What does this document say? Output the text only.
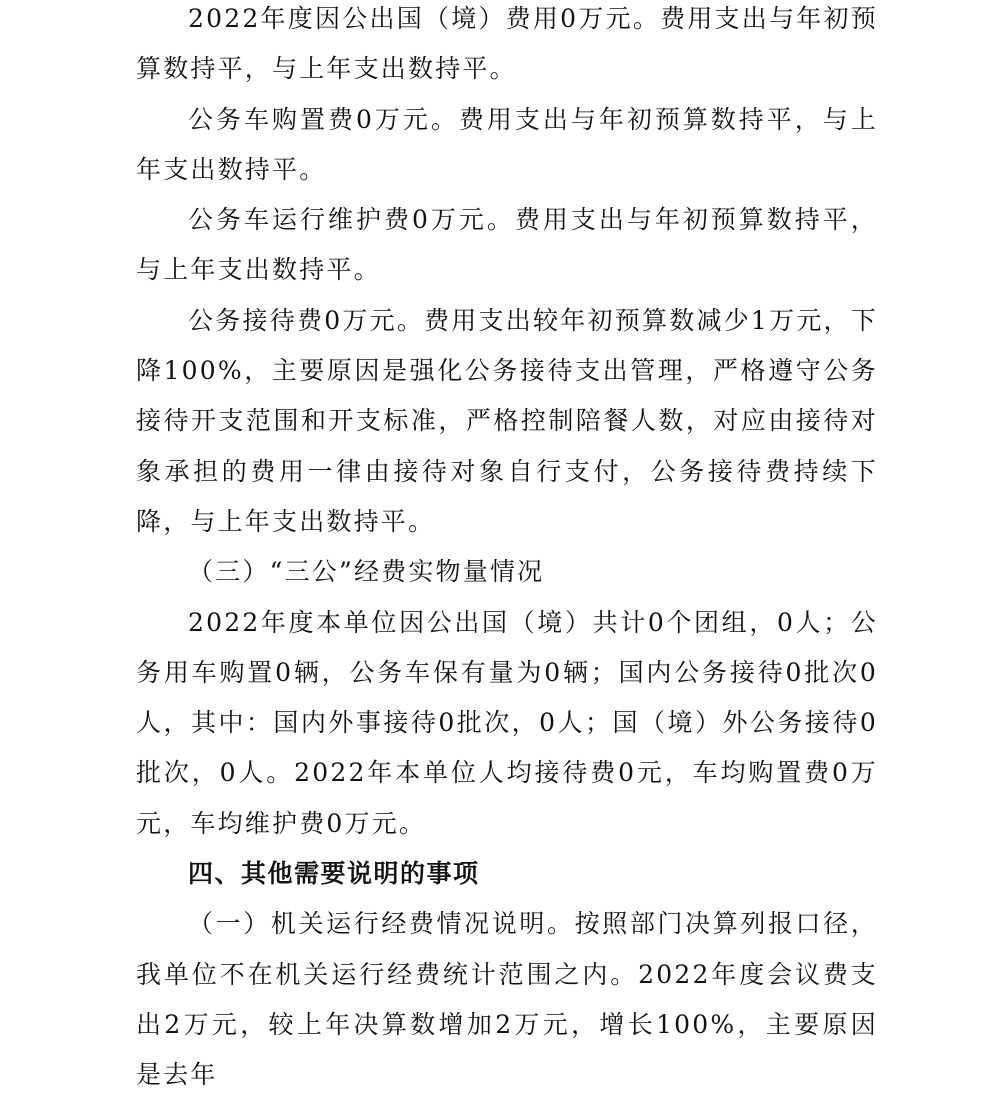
2022年度因公出国（境）费用0万元。费用支出与年初预算数持平，与上年支出数持平。

公务车购置费0万元。费用支出与年初预算数持平，与上年支出数持平。

公务车运行维护费0万元。费用支出与年初预算数持平，与上年支出数持平。

公务接待费0万元。费用支出较年初预算数减少1万元，下降100%，主要原因是强化公务接待支出管理，严格遵守公务接待开支范围和开支标准，严格控制陪餐人数，对应由接待对象承担的费用一律由接待对象自行支付，公务接待费持续下降，与上年支出数持平。

（三）“三公”经费实物量情况

2022年度本单位因公出国（境）共计0个团组，0人；公务用车购置0辆，公务车保有量为0辆；国内公务接待0批次0人，其中：国内外事接待0批次，0人；国（境）外公务接待0批次，0人。2022年本单位人均接待费0元，车均购置费0万元，车均维护费0万元。

四、其他需要说明的事项

（一）机关运行经费情况说明。按照部门决算列报口径，我单位不在机关运行经费统计范围之内。2022年度会议费支出2万元，较上年决算数增加2万元，增长100%，主要原因是去年
